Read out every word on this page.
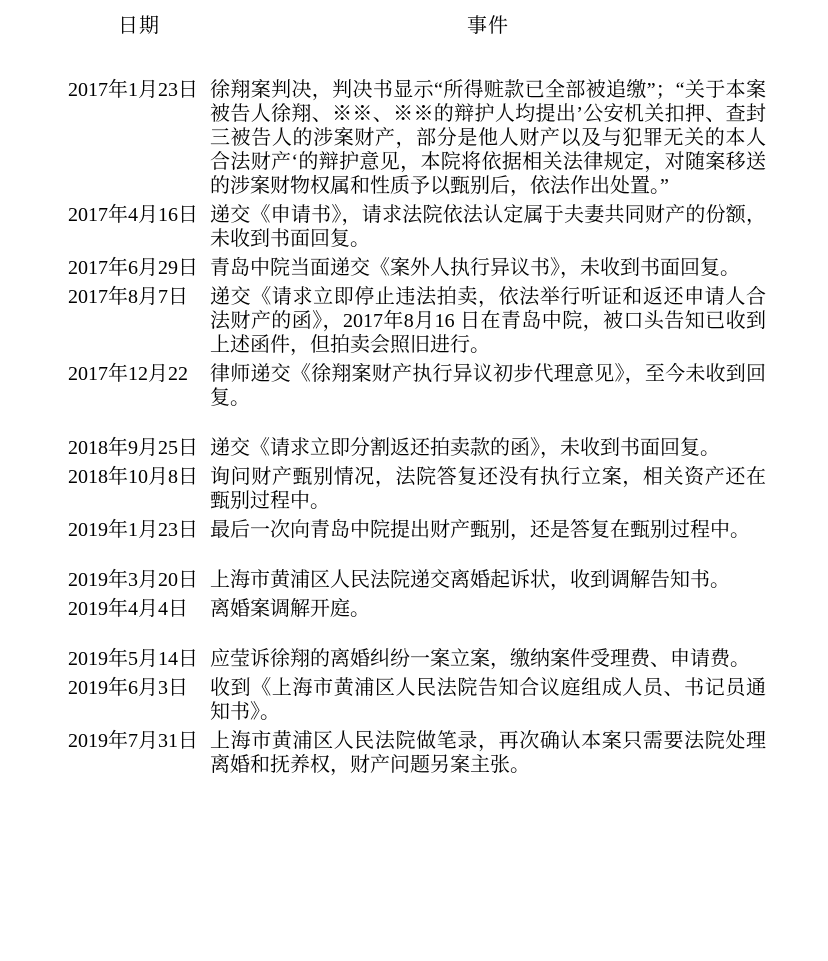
日期	事件
2017年1月23日 徐翔案判决，判决书显示“所得赃款已全部被追缴”；“关于本案被告人徐翔、※※、※※的辩护人均提出’公安机关扣押、查封三被告人的涉案财产，部分是他人财产以及与犯罪无关的本人合法财产‘的辩护意见，本院将依据相关法律规定，对随案移送的涉案财物权属和性质予以甄别后，依法作出处置。”
2017年4月16日 递交《申请书》，请求法院依法认定属于夫妻共同财产的份额，未收到书面回复。
2017年6月29日 青岛中院当面递交《案外人执行异议书》，未收到书面回复。
2017年8月7日	递交《请求立即停止违法拍卖，依法举行听证和返还申请人合法财产的函》，2017年8月16 日在青岛中院，被口头告知已收到上述函件，但拍卖会照旧进行。
2017年12月22	律师递交《徐翔案财产执行异议初步代理意见》，至今未收到回复。
2018年9月25日 递交《请求立即分割返还拍卖款的函》，未收到书面回复。
2018年10月8日 询问财产甄别情况，法院答复还没有执行立案，相关资产还在甄别过程中。
2019年1月23日 最后一次向青岛中院提出财产甄别，还是答复在甄别过程中。
2019年3月20日 上海市黄浦区人民法院递交离婚起诉状，收到调解告知书。
2019年4月4日	离婚案调解开庭。
2019年5月14日 应莹诉徐翔的离婚纠纷一案立案，缴纳案件受理费、申请费。
2019年6月3日	收到《上海市黄浦区人民法院告知合议庭组成人员、书记员通知书》。
2019年7月31日 上海市黄浦区人民法院做笔录，再次确认本案只需要法院处理离婚和抚养权，财产问题另案主张。
